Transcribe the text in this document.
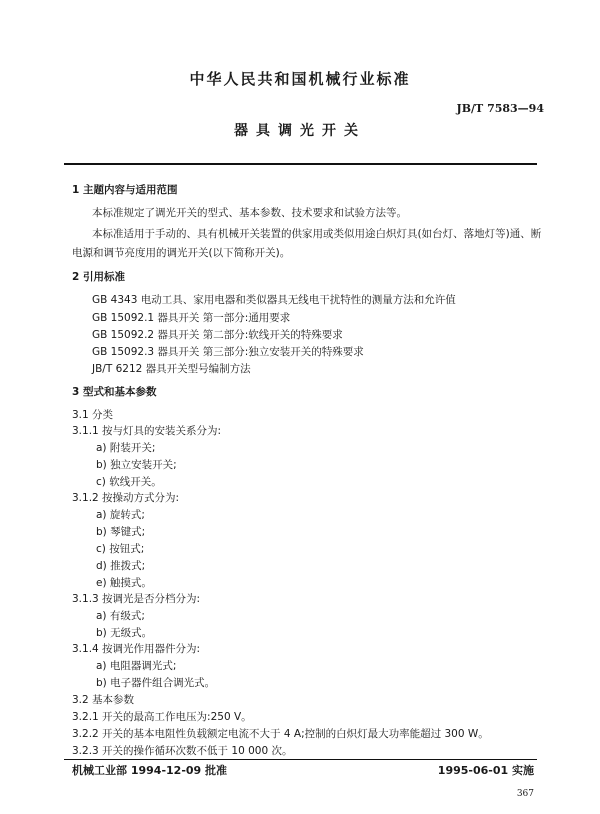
中华人民共和国机械行业标准
JB/T 7583—94
器具调光开关
1 主题内容与适用范围
本标准规定了调光开关的型式、基本参数、技术要求和试验方法等。
本标准适用于手动的、具有机械开关装置的供家用或类似用途白炽灯具(如台灯、落地灯等)通、断
电源和调节亮度用的调光开关(以下简称开关)。
2 引用标准
GB 4343 电动工具、家用电器和类似器具无线电干扰特性的测量方法和允许值
GB 15092.1 器具开关 第一部分:通用要求
GB 15092.2 器具开关 第二部分:软线开关的特殊要求
GB 15092.3 器具开关 第三部分:独立安装开关的特殊要求
JB/T 6212 器具开关型号编制方法
3 型式和基本参数
3.1 分类
3.1.1 按与灯具的安装关系分为:
a) 附装开关;
b) 独立安装开关;
c) 软线开关。
3.1.2 按操动方式分为:
a) 旋转式;
b) 琴键式;
c) 按钮式;
d) 推拨式;
e) 触摸式。
3.1.3 按调光是否分档分为:
a) 有级式;
b) 无级式。
3.1.4 按调光作用器件分为:
a) 电阻器调光式;
b) 电子器件组合调光式。
3.2 基本参数
3.2.1 开关的最高工作电压为:250 V。
3.2.2 开关的基本电阻性负载额定电流不大于 4 A;控制的白炽灯最大功率能超过 300 W。
3.2.3 开关的操作循环次数不低于 10 000 次。
机械工业部 1994-12-09 批准	1995-06-01 实施
367
